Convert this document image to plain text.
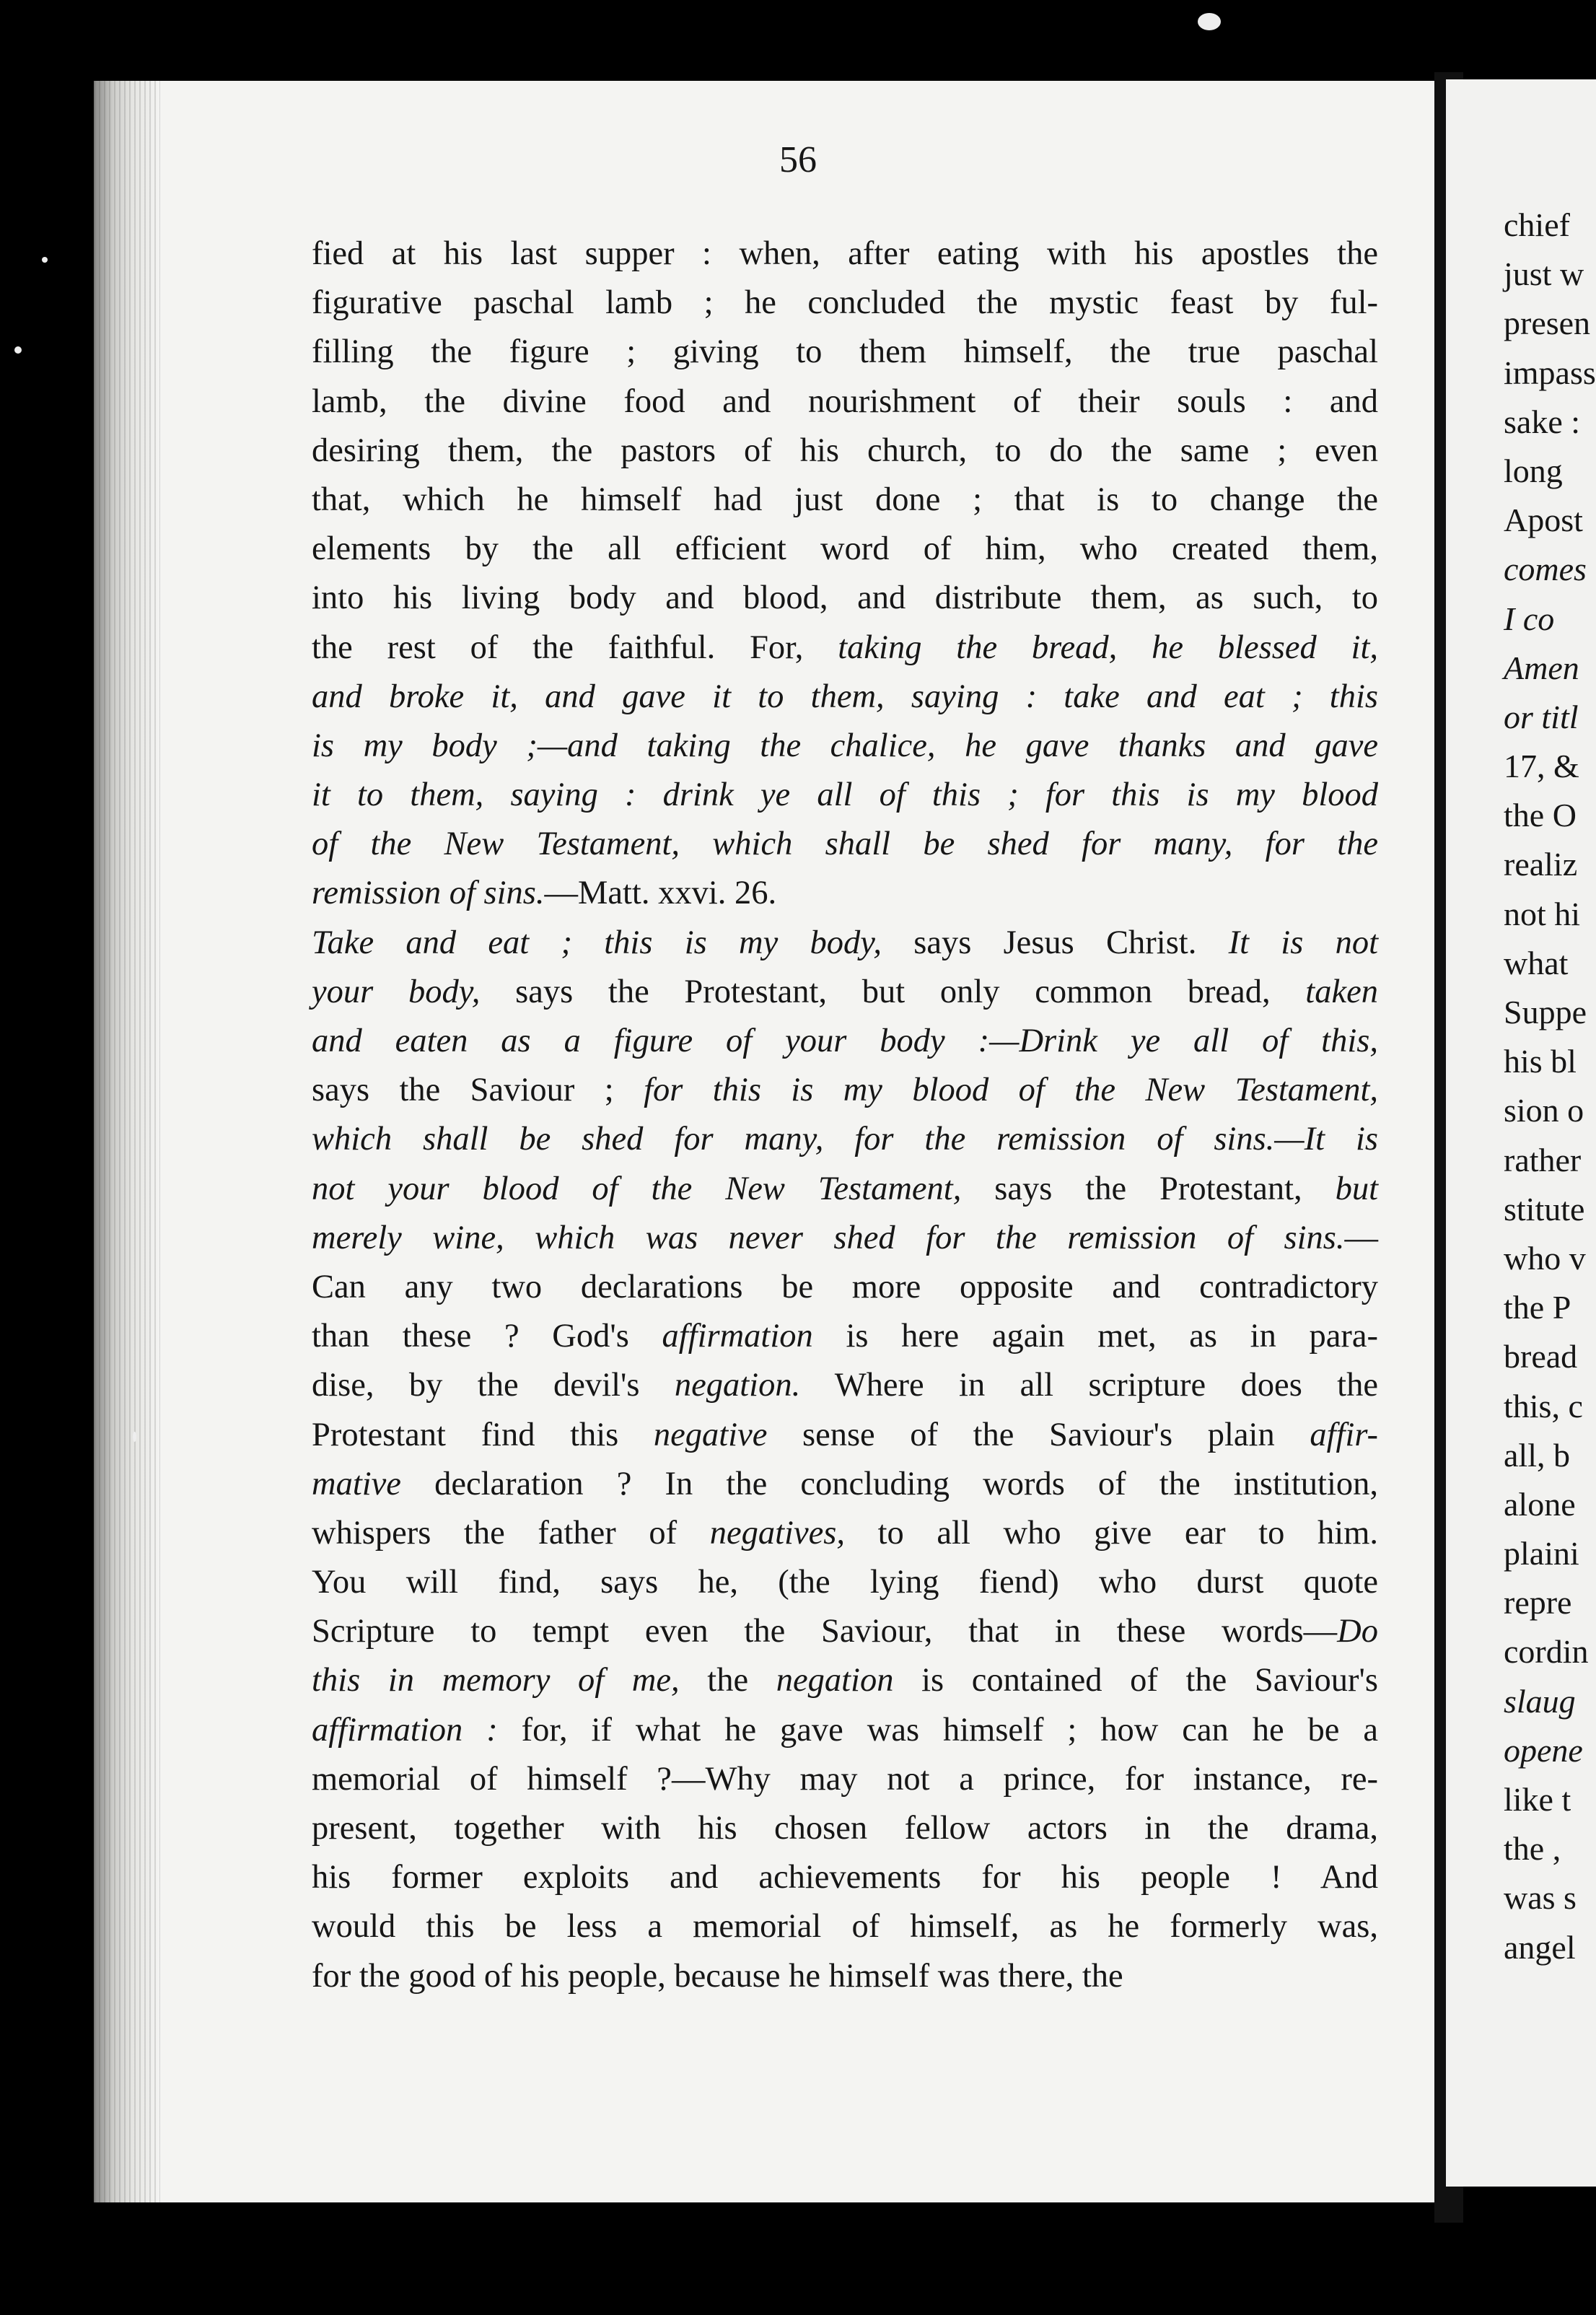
56
fied at his last supper : when, after eating with his apostles the
figurative paschal lamb ; he concluded the mystic feast by ful-
filling the figure ; giving to them himself, the true paschal
lamb, the divine food and nourishment of their souls : and
desiring them, the pastors of his church, to do the same ; even
that, which he himself had just done ; that is to change the
elements by the all efficient word of him, who created them,
into his living body and blood, and distribute them, as such, to
the rest of the faithful. For, taking the bread, he blessed it,
and broke it, and gave it to them, saying : take and eat ; this
is my body ;—and taking the chalice, he gave thanks and gave
it to them, saying : drink ye all of this ; for this is my blood
of the New Testament, which shall be shed for many, for the
remission of sins.—Matt. xxvi. 26.
Take and eat ; this is my body, says Jesus Christ. It is not
your body, says the Protestant, but only common bread, taken
and eaten as a figure of your body :—Drink ye all of this,
says the Saviour ; for this is my blood of the New Testament,
which shall be shed for many, for the remission of sins.—It is
not your blood of the New Testament, says the Protestant, but
merely wine, which was never shed for the remission of sins.—
Can any two declarations be more opposite and contradictory
than these ? God's affirmation is here again met, as in para-
dise, by the devil's negation. Where in all scripture does the
Protestant find this negative sense of the Saviour's plain affir-
mative declaration ? In the concluding words of the institution,
whispers the father of negatives, to all who give ear to him.
You will find, says he, (the lying fiend) who durst quote
Scripture to tempt even the Saviour, that in these words—Do
this in memory of me, the negation is contained of the Saviour's
affirmation : for, if what he gave was himself ; how can he be a
memorial of himself ?—Why may not a prince, for instance, re-
present, together with his chosen fellow actors in the drama,
his former exploits and achievements for his people ! And
would this be less a memorial of himself, as he formerly was,
for the good of his people, because he himself was there, the
chief
just w
presen
impass
sake :
long
Apost
comes
I co
Amen
or titl
17, &
the O
realiz
not hi
what
Suppe
his bl
sion o
rather
stitute
who v
the P
bread
this, c
all, b
alone
plaini
repre
cordin
slaug
opene
like t
the ,
was s
angel
